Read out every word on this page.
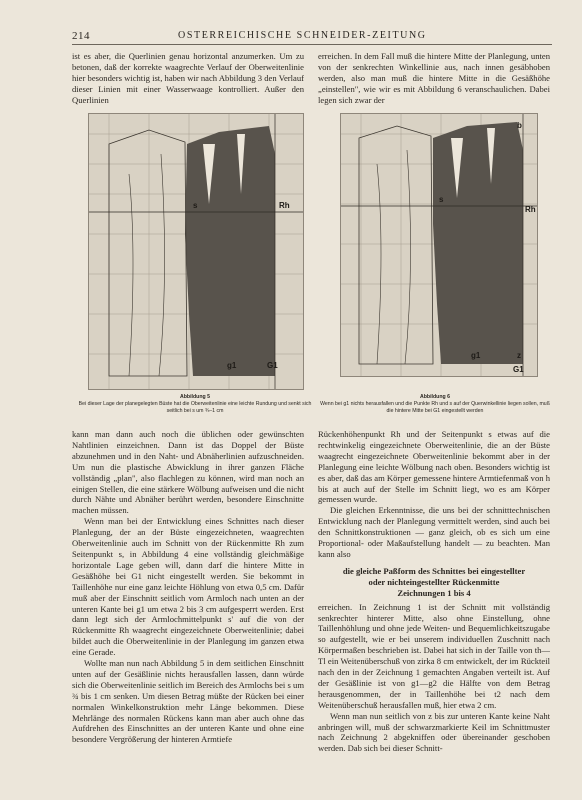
214	OSTERREICHISCHE SCHNEIDER-ZEITUNG

ist es aber, die Querlinien genau horizontal anzumerken. Um zu betonen, daß der korrekte waagrechte Verlauf der Oberweitenlinie hier besonders wichtig ist, haben wir nach Abbildung 3 den Verlauf dieser Linien mit einer Wasserwaage kontrolliert. Außer den Querlinien

erreichen. In dem Fall muß die hintere Mitte der Planlegung, unten von der senkrechten Winkellinie aus, nach innen gesäbhoben werden, also man muß die hintere Mitte in die Gesäßhöhe „einstellen", wie wir es mit Abbildung 6 veranschaulichen. Dabei legen sich zwar der

s	Rh
g1	G1
Abbildung 5
Bei dieser Lage der planegelegten Büste hat die Oberweitenlinie eine leichte Rundung und senkt sich seitlich bei s um ¾–1 cm
s
b
Rh
g1
G1
z
Abbildung 6
Wenn bei g1 nichts herausfallen und die Punkte Rh und s auf der Querwinkellinie liegen sollen, muß die hintere Mitte bei G1 eingestellt werden

kann man dann auch noch die üblichen oder gewünschten Nahtlinien einzeichnen. Dann ist das Doppel der Büste abzunehmen und in den Naht- und Abnäherlinien aufzuschneiden. Um nun die plastische Abwicklung in ihrer ganzen Fläche vollständig „plan", also flachlegen zu können, wird man noch an einigen Stellen, die eine stärkere Wölbung aufweisen und die nicht durch Nähte und Abnäher berührt werden, besondere Einschnitte machen müssen.

Wenn man bei der Entwicklung eines Schnittes nach dieser Planlegung, der an der Büste eingezeichneten, waagrechten Oberweitenlinie auch im Schnitt von der Rückenmitte Rh zum Seitenpunkt s, in Abbildung 4 eine vollständig gleichmäßige horizontale Lage geben will, dann darf die hintere Mitte in Gesäßhöhe bei G1 nicht eingestellt werden. Sie bekommt in Taillenhöhe nur eine ganz leichte Höhlung von etwa 0,5 cm. Dafür muß aber der Einschnitt seitlich vom Armloch nach unten an der unteren Kante bei g1 um etwa 2 bis 3 cm aufgesperrt werden. Erst dann legt sich der Armlochmittelpunkt s' auf die von der Rückenmitte Rh waagrecht eingezeichnete Oberweitenlinie; dabei bildet auch die Oberweitenlinie in der Planlegung im ganzen etwa eine Gerade.

Wollte man nun nach Abbildung 5 in dem seitlichen Einschnitt unten auf der Gesäßlinie nichts herausfallen lassen, dann würde sich die Oberweitenlinie seitlich im Bereich des Armlochs bei s um ¾ bis 1 cm senken. Um diesen Betrag müßte der Rücken bei einer normalen Winkelkonstruktion mehr Länge bekommen. Diese Mehrlänge des normalen Rückens kann man aber auch ohne das Aufdrehen des Einschnittes an der unteren Kante und ohne eine besondere Vergrößerung der hinteren Armtiefe

Rückenhöhenpunkt Rh und der Seitenpunkt s etwas auf die rechtwinkelig eingezeichnete Oberweitenlinie, die an der Büste waagrecht eingezeichnete Oberweitenlinie bekommt aber in der Planlegung eine leichte Wölbung nach oben. Besonders wichtig ist es aber, daß das am Körper gemessene hintere Armtiefenmaß von h bis at auch auf der Stelle im Schnitt liegt, wo es am Körper gemessen wurde.

Die gleichen Erkenntnisse, die uns bei der schnitttechnischen Entwicklung nach der Planlegung vermittelt werden, sind auch bei den Schnittkonstruktionen — ganz gleich, ob es sich um eine Proportional- oder Maßaufstellung handelt — zu beachten. Man kann also

die gleiche Paßform des Schnittes bei eingestellter

oder nichteingestellter Rückenmitte

Zeichnungen 1 bis 4

erreichen. In Zeichnung 1 ist der Schnitt mit vollständig senkrechter hinterer Mitte, also ohne Einstellung, ohne Taillenhöhlung und ohne jede Weiten- und Bequemlichkeitszugabe so aufgestellt, wie er bei unserem individuellen Zuschnitt nach Körpermaßen beschrieben ist. Dabei hat sich in der Taille von th—Tl ein Weitenüberschuß von zirka 8 cm entwickelt, der im Rückteil nach den in der Zeichnung 1 gemachten Angaben verteilt ist. Auf der Gesäßlinie ist von g1—g2 die Hälfte von dem Betrag herausgenommen, der in Taillenhöhe bei t2 nach dem Weitenüberschuß herausfallen muß, hier etwa 2 cm.

Wenn man nun seitlich von z bis zur unteren Kante keine Naht anbringen will, muß der schwarzmarkierte Keil im Schnittmuster nach Zeichnung 2 abgekniffen oder übereinander geschoben werden. Dab sich bei dieser Schnitt-
